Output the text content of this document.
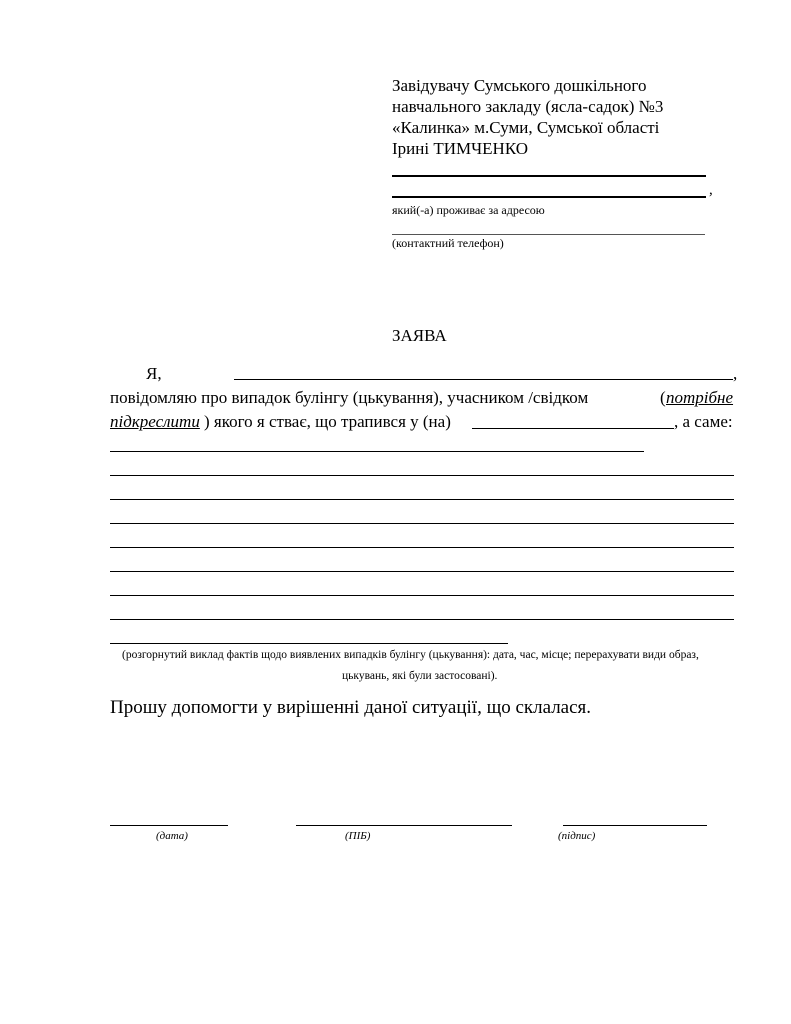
Завідувачу Сумського дошкільного
навчального закладу (ясла-садок) №3
«Калинка» м.Суми, Сумської області
Ірині ТИМЧЕНКО
,
який(-а) проживає за адресою
(контактний телефон)
ЗАЯВА
Я,	,
повідомляю про випадок булінгу (цькування), учасником /свідком	( потрібне
підкреслити ) якого я стває, що трапився у (на)	, а саме:
(розгорнутий виклад фактів щодо виявлених випадків булінгу (цькування): дата, час, місце; перерахувати види образ,
цькувань, які були застосовані).
Прошу допомогти у вирішенні даної ситуації, що склалася.
(дата)	(ПІБ)	(підпис)
